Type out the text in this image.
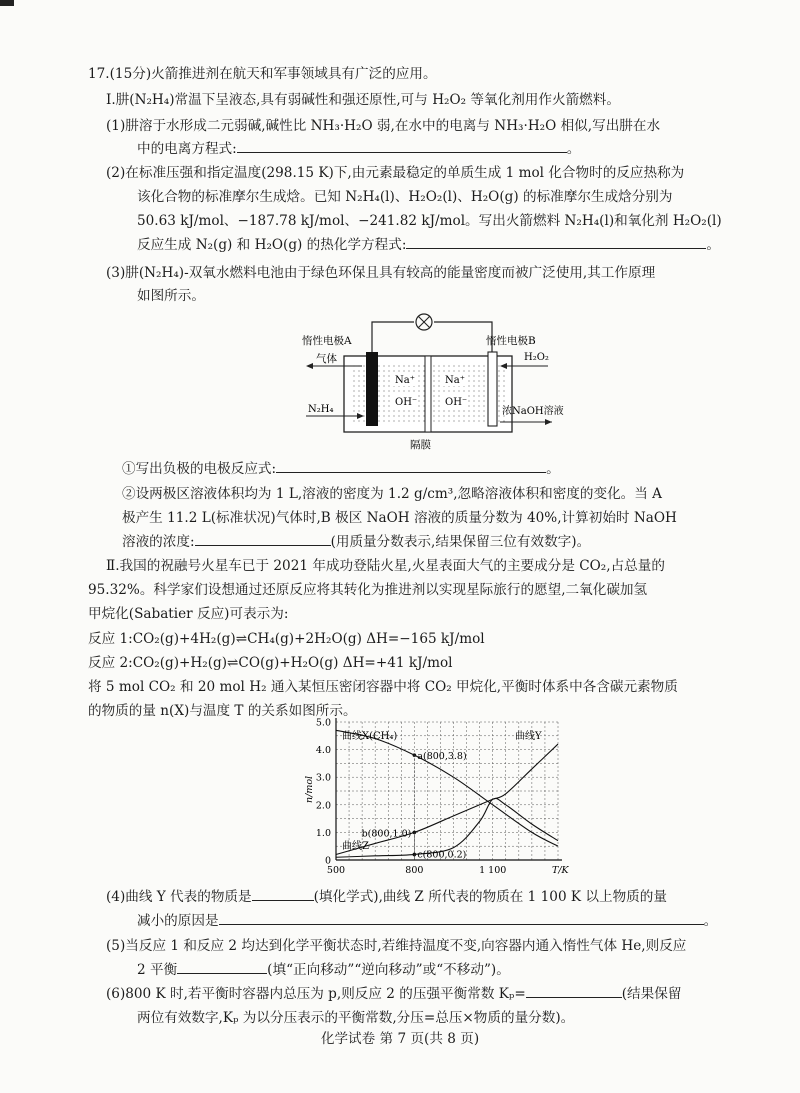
17.(15分)火箭推进剂在航天和军事领域具有广泛的应用。
Ⅰ.肼(N₂H₄)常温下呈液态,具有弱碱性和强还原性,可与 H₂O₂ 等氧化剂用作火箭燃料。
(1)肼溶于水形成二元弱碱,碱性比 NH₃·H₂O 弱,在水中的电离与 NH₃·H₂O 相似,写出肼在水
中的电离方程式:	。
(2)在标准压强和指定温度(298.15 K)下,由元素最稳定的单质生成 1 mol 化合物时的反应热称为
该化合物的标准摩尔生成焓。已知 N₂H₄(l)、H₂O₂(l)、H₂O(g) 的标准摩尔生成焓分别为
50.63 kJ/mol、−187.78 kJ/mol、−241.82 kJ/mol。写出火箭燃料 N₂H₄(l)和氧化剂 H₂O₂(l)
反应生成 N₂(g) 和 H₂O(g) 的热化学方程式:	。
(3)肼(N₂H₄)-双氧水燃料电池由于绿色环保且具有较高的能量密度而被广泛使用,其工作原理
如图所示。
Na⁺
OH⁻
Na⁺
OH⁻
惰性电极A	惰性电极B
气体
N₂H₄
H₂O₂
浓NaOH溶液
隔膜
①写出负极的电极反应式:	。
②设两极区溶液体积均为 1 L,溶液的密度为 1.2 g/cm³,忽略溶液体积和密度的变化。当 A
极产生 11.2 L(标准状况)气体时,B 极区 NaOH 溶液的质量分数为 40%,计算初始时 NaOH
溶液的浓度:	(用质量分数表示,结果保留三位有效数字)。
Ⅱ.我国的祝融号火星车已于 2021 年成功登陆火星,火星表面大气的主要成分是 CO₂,占总量的
95.32%。科学家们设想通过还原反应将其转化为推进剂以实现星际旅行的愿望,二氧化碳加氢
甲烷化(Sabatier 反应)可表示为:
反应 1:CO₂(g)+4H₂(g)⇌CH₄(g)+2H₂O(g) ΔH=−165 kJ/mol
反应 2:CO₂(g)+H₂(g)⇌CO(g)+H₂O(g) ΔH=+41 kJ/mol
将 5 mol CO₂ 和 20 mol H₂ 通入某恒压密闭容器中将 CO₂ 甲烷化,平衡时体系中各含碳元素物质
的物质的量 n(X)与温度 T 的关系如图所示。
0
1.0
2.0
3.0
4.0
5.0
500	800	1 100	T/K
n/mol
曲线X(CH₄)	曲线Y
曲线Z
a(800,3.8)
b(800,1.0)
c(800,0.2)
(4)曲线 Y 代表的物质是	(填化学式),曲线 Z 所代表的物质在 1 100 K 以上物质的量
减小的原因是	。
(5)当反应 1 和反应 2 均达到化学平衡状态时,若维持温度不变,向容器内通入惰性气体 He,则反应
2 平衡	(填“正向移动”“逆向移动”或“不移动”)。
(6)800 K 时,若平衡时容器内总压为 p,则反应 2 的压强平衡常数 Kₚ=	(结果保留
两位有效数字,Kₚ 为以分压表示的平衡常数,分压=总压×物质的量分数)。
化学试卷 第 7 页(共 8 页)
